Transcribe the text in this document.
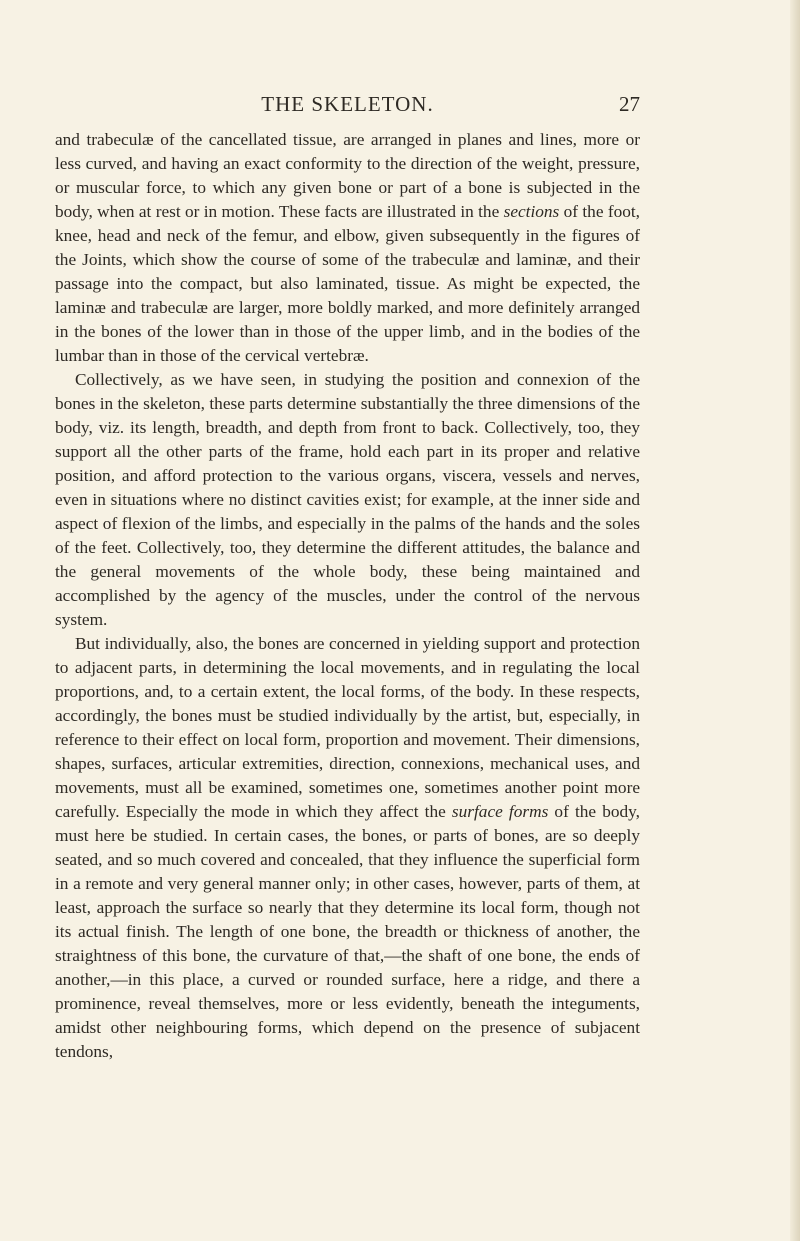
THE SKELETON.	27

and trabeculæ of the cancellated tissue, are arranged in planes and lines, more or less curved, and having an exact conformity to the direction of the weight, pressure, or muscular force, to which any given bone or part of a bone is subjected in the body, when at rest or in motion. These facts are illustrated in the sections of the foot, knee, head and neck of the femur, and elbow, given subsequently in the figures of the Joints, which show the course of some of the trabeculæ and laminæ, and their passage into the compact, but also laminated, tissue. As might be expected, the laminæ and trabeculæ are larger, more boldly marked, and more definitely arranged in the bones of the lower than in those of the upper limb, and in the bodies of the lumbar than in those of the cervical vertebræ.

Collectively, as we have seen, in studying the position and connexion of the bones in the skeleton, these parts determine substantially the three dimensions of the body, viz. its length, breadth, and depth from front to back. Collectively, too, they support all the other parts of the frame, hold each part in its proper and relative position, and afford protection to the various organs, viscera, vessels and nerves, even in situations where no distinct cavities exist; for example, at the inner side and aspect of flexion of the limbs, and especially in the palms of the hands and the soles of the feet. Collectively, too, they determine the different attitudes, the balance and the general movements of the whole body, these being maintained and accomplished by the agency of the muscles, under the control of the nervous system.

But individually, also, the bones are concerned in yielding support and protection to adjacent parts, in determining the local movements, and in regulating the local proportions, and, to a certain extent, the local forms, of the body. In these respects, accordingly, the bones must be studied individually by the artist, but, especially, in reference to their effect on local form, proportion and movement. Their dimensions, shapes, surfaces, articular extremities, direction, connexions, mechanical uses, and movements, must all be examined, sometimes one, sometimes another point more carefully. Especially the mode in which they affect the surface forms of the body, must here be studied. In certain cases, the bones, or parts of bones, are so deeply seated, and so much covered and concealed, that they influence the superficial form in a remote and very general manner only; in other cases, however, parts of them, at least, approach the surface so nearly that they determine its local form, though not its actual finish. The length of one bone, the breadth or thickness of another, the straightness of this bone, the curvature of that,—the shaft of one bone, the ends of another,—in this place, a curved or rounded surface, here a ridge, and there a prominence, reveal themselves, more or less evidently, beneath the integuments, amidst other neighbouring forms, which depend on the presence of subjacent tendons,
